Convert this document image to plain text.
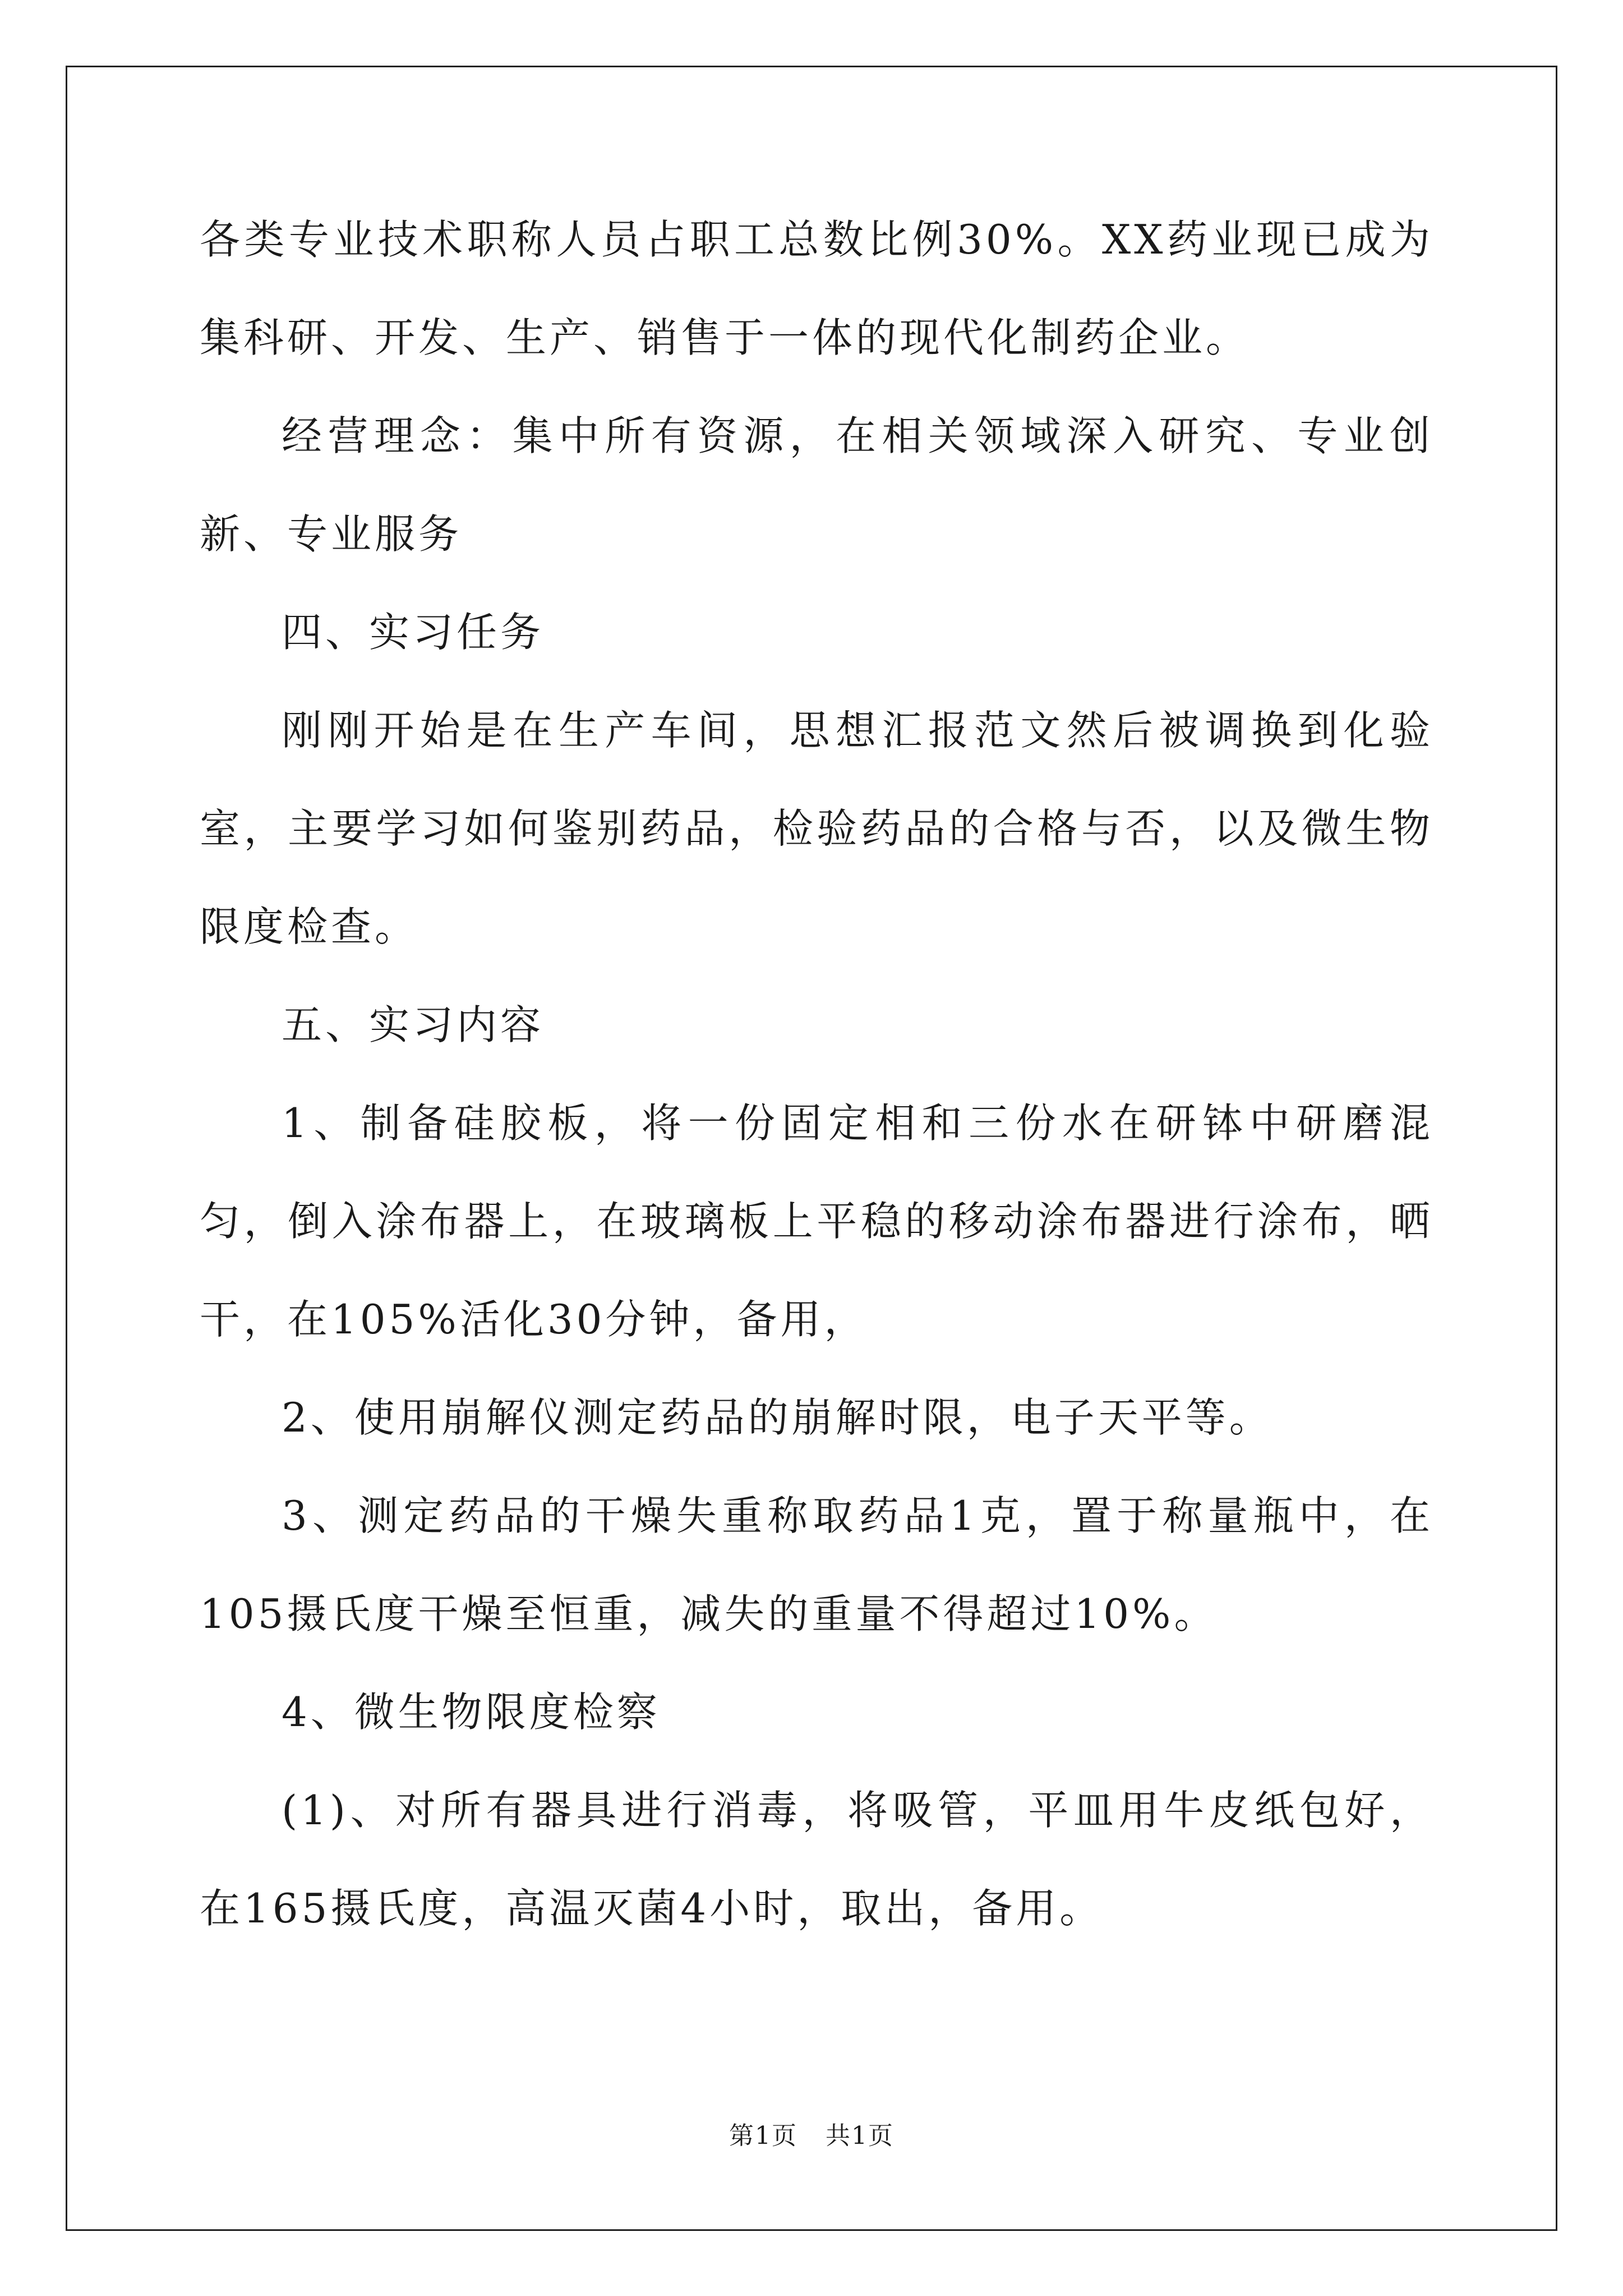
各类专业技术职称人员占职工总数比例30%。XX药业现已成为集科研、开发、生产、销售于一体的现代化制药企业。

经营理念：集中所有资源，在相关领域深入研究、专业创新、专业服务

四、实习任务

刚刚开始是在生产车间，思想汇报范文然后被调换到化验室，主要学习如何鉴别药品，检验药品的合格与否，以及微生物限度检查。

五、实习内容

1、制备硅胶板，将一份固定相和三份水在研钵中研磨混匀，倒入涂布器上，在玻璃板上平稳的移动涂布器进行涂布，晒干，在105%活化30分钟，备用，

2、使用崩解仪测定药品的崩解时限，电子天平等。

3、测定药品的干燥失重称取药品1克，置于称量瓶中，在105摄氏度干燥至恒重，减失的重量不得超过10%。

4、微生物限度检察

(1)、对所有器具进行消毒，将吸管，平皿用牛皮纸包好，在165摄氏度，高温灭菌4小时，取出，备用。

第1页 共1页
